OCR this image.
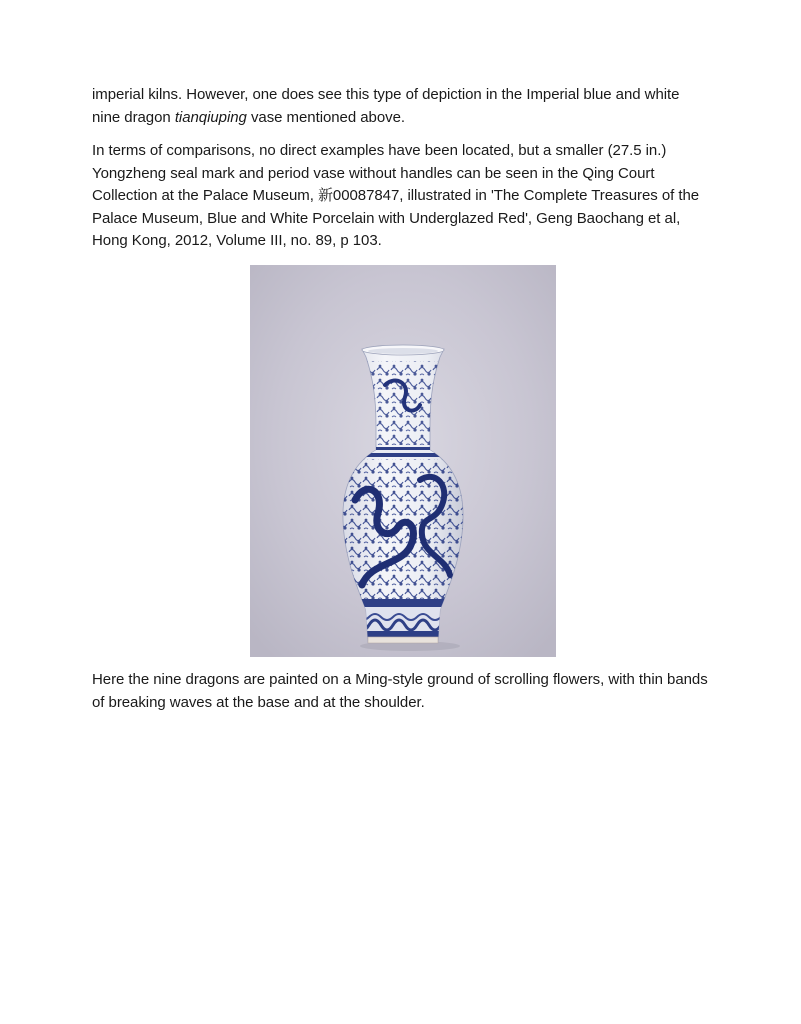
imperial kilns. However, one does see this type of depiction in the Imperial blue and white nine dragon tianqiuping vase mentioned above.

In terms of comparisons, no direct examples have been located, but a smaller (27.5 in.) Yongzheng seal mark and period vase without handles can be seen in the Qing Court Collection at the Palace Museum, 新00087847, illustrated in 'The Complete Treasures of the Palace Museum, Blue and White Porcelain with Underglazed Red', Geng Baochang et al, Hong Kong, 2012, Volume III, no. 89, p 103.

Here the nine dragons are painted on a Ming-style ground of scrolling flowers, with thin bands of breaking waves at the base and at the shoulder.
